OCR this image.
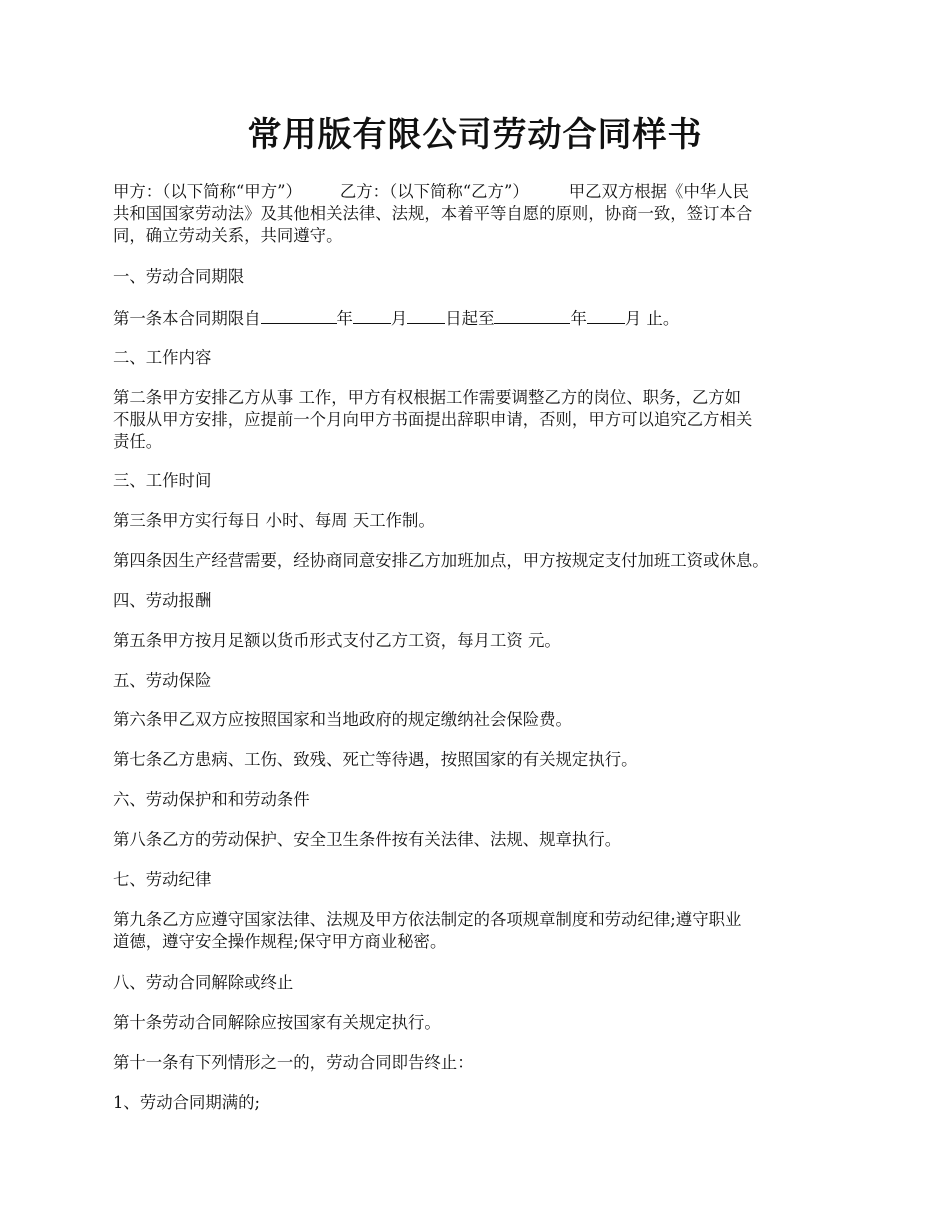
常用版有限公司劳动合同样书
甲方：（以下简称“甲方”） 乙方：（以下简称“乙方”） 甲乙双方根据《中华人民
共和国国家劳动法》及其他相关法律、法规，本着平等自愿的原则，协商一致，签订本合
同，确立劳动关系，共同遵守。

一、劳动合同期限

第一条本合同期限自	年 月 日起至	年 月 止。

二、工作内容

第二条甲方安排乙方从事 工作，甲方有权根据工作需要调整乙方的岗位、职务，乙方如
不服从甲方安排，应提前一个月向甲方书面提出辞职申请，否则，甲方可以追究乙方相关
责任。

三、工作时间

第三条甲方实行每日 小时、每周 天工作制。

第四条因生产经营需要，经协商同意安排乙方加班加点，甲方按规定支付加班工资或休息。

四、劳动报酬

第五条甲方按月足额以货币形式支付乙方工资，每月工资 元。

五、劳动保险

第六条甲乙双方应按照国家和当地政府的规定缴纳社会保险费。

第七条乙方患病、工伤、致残、死亡等待遇，按照国家的有关规定执行。

六、劳动保护和和劳动条件

第八条乙方的劳动保护、安全卫生条件按有关法律、法规、规章执行。

七、劳动纪律

第九条乙方应遵守国家法律、法规及甲方依法制定的各项规章制度和劳动纪律;遵守职业
道德，遵守安全操作规程;保守甲方商业秘密。

八、劳动合同解除或终止

第十条劳动合同解除应按国家有关规定执行。

第十一条有下列情形之一的，劳动合同即告终止：

1、劳动合同期满的;
